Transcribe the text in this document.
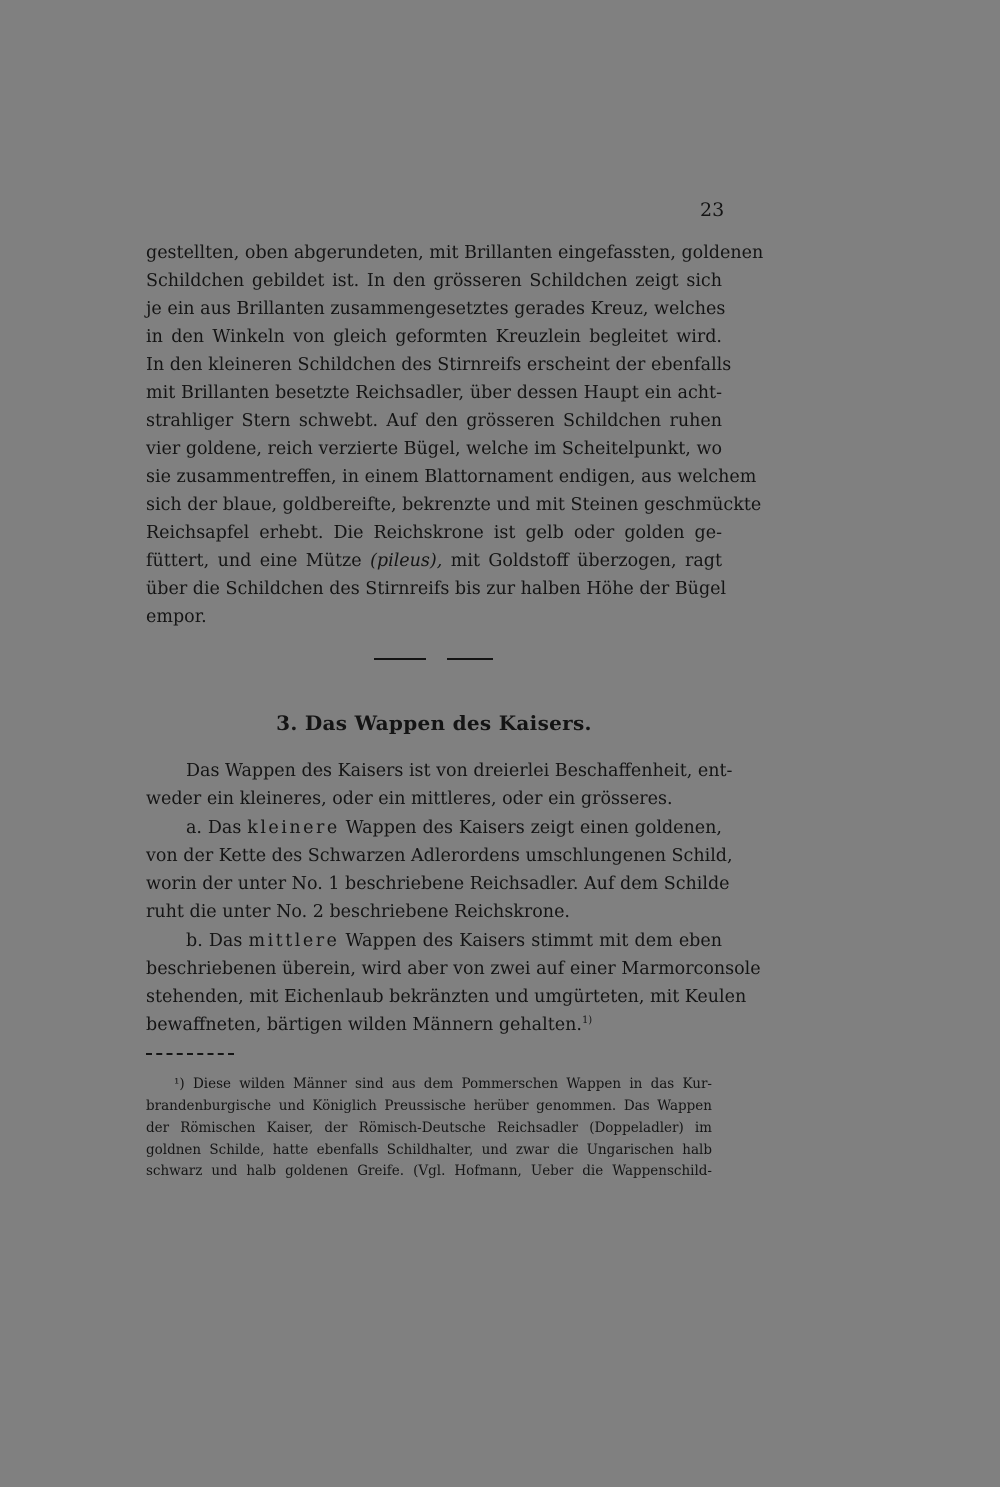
23
gestellten, oben abgerundeten, mit Brillanten eingefassten, goldenen
Schildchen gebildet ist. In den grösseren Schildchen zeigt sich
je ein aus Brillanten zusammengesetztes gerades Kreuz, welches
in den Winkeln von gleich geformten Kreuzlein begleitet wird.
In den kleineren Schildchen des Stirnreifs erscheint der ebenfalls
mit Brillanten besetzte Reichsadler, über dessen Haupt ein acht-
strahliger Stern schwebt. Auf den grösseren Schildchen ruhen
vier goldene, reich verzierte Bügel, welche im Scheitelpunkt, wo
sie zusammentreffen, in einem Blattornament endigen, aus welchem
sich der blaue, goldbereifte, bekrenzte und mit Steinen geschmückte
Reichsapfel erhebt. Die Reichskrone ist gelb oder golden ge-
füttert, und eine Mütze (pileus), mit Goldstoff überzogen, ragt
über die Schildchen des Stirnreifs bis zur halben Höhe der Bügel
empor.
3. Das Wappen des Kaisers.
Das Wappen des Kaisers ist von dreierlei Beschaffenheit, ent-
weder ein kleineres, oder ein mittleres, oder ein grösseres.
a. Das kleinere Wappen des Kaisers zeigt einen goldenen,
von der Kette des Schwarzen Adlerordens umschlungenen Schild,
worin der unter No. 1 beschriebene Reichsadler. Auf dem Schilde
ruht die unter No. 2 beschriebene Reichskrone.
b. Das mittlere Wappen des Kaisers stimmt mit dem eben
beschriebenen überein, wird aber von zwei auf einer Marmorconsole
stehenden, mit Eichenlaub bekränzten und umgürteten, mit Keulen
bewaffneten, bärtigen wilden Männern gehalten.$^{1)}$
¹) Diese wilden Männer sind aus dem Pommerschen Wappen in das Kur-
brandenburgische und Königlich Preussische herüber genommen. Das Wappen
der Römischen Kaiser, der Römisch-Deutsche Reichsadler (Doppeladler) im
goldnen Schilde, hatte ebenfalls Schildhalter, und zwar die Ungarischen halb
schwarz und halb goldenen Greife. (Vgl. Hofmann, Ueber die Wappenschild-
